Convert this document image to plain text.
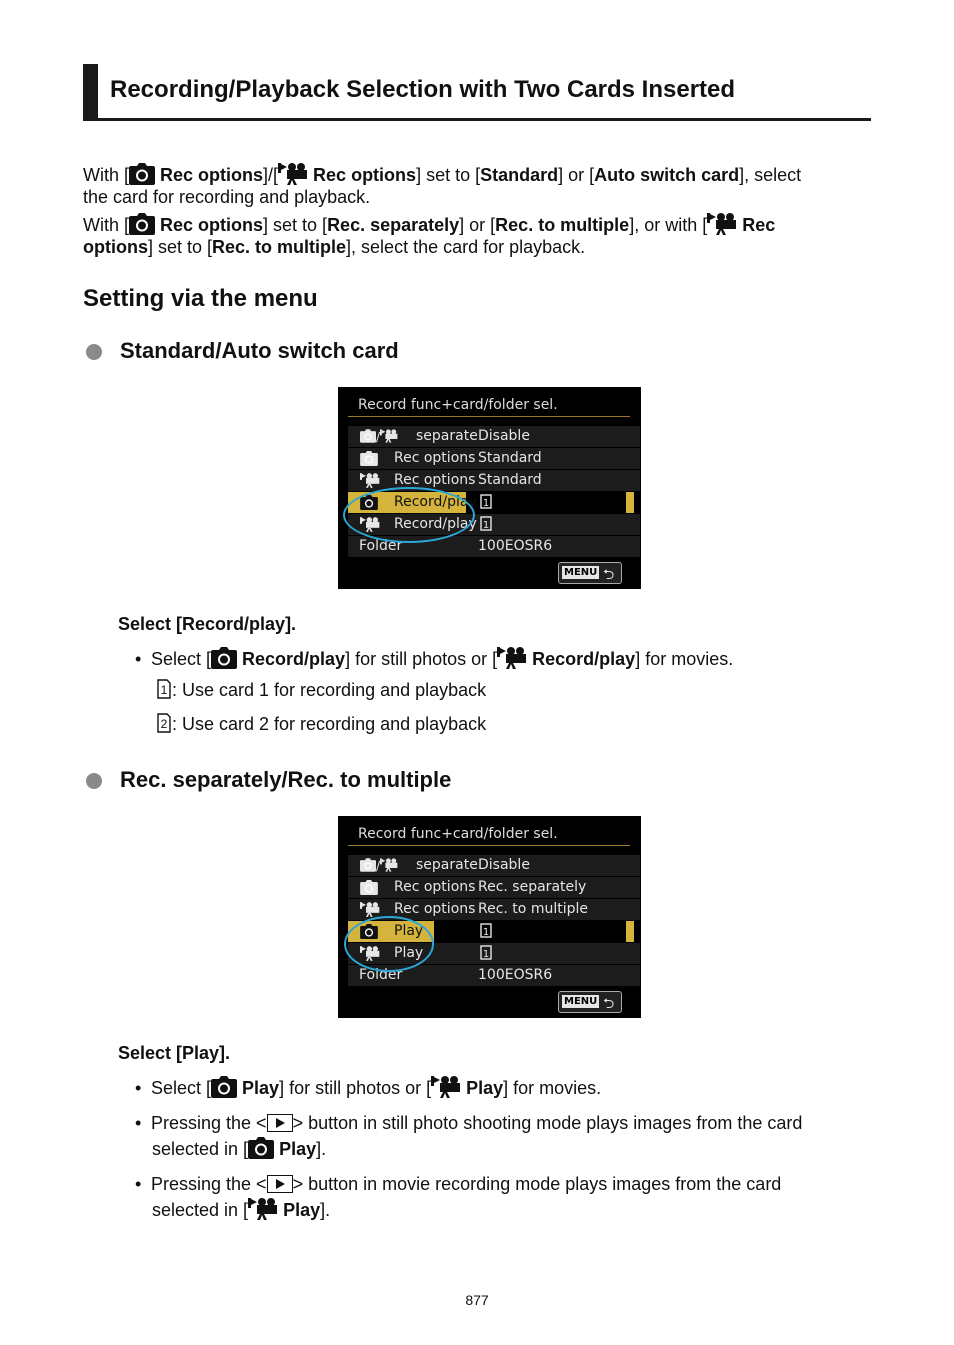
Recording/Playback Selection with Two Cards Inserted
With [ Rec options]/[ Rec options] set to [Standard] or [Auto switch card], select
the card for recording and playback.
With [ Rec options] set to [Rec. separately] or [Rec. to multiple], or with [ Rec
options] set to [Rec. to multiple], select the card for playback.
Setting via the menu
Standard/Auto switch card
Record func+card/folder sel.
/	separate Disable
Rec options Standard
Rec options Standard
Record/play 1
Record/play 1
Folder	100EOSR6
MENU ⮌
Select [Record/play].
• Select [ Record/play] for still photos or [ Record/play] for movies.
1 : Use card 1 for recording and playback
2 : Use card 2 for recording and playback
Rec. separately/Rec. to multiple
Record func+card/folder sel.
/	separate Disable
Rec options Rec. separately
Rec options Rec. to multiple
Play	1
Play	1
Folder	100EOSR6
MENU ⮌
Select [Play].
• Select [ Play] for still photos or [ Play] for movies.
• Pressing the < > button in still photo shooting mode plays images from the card
selected in [ Play].
• Pressing the < > button in movie recording mode plays images from the card
selected in [ Play].
877
